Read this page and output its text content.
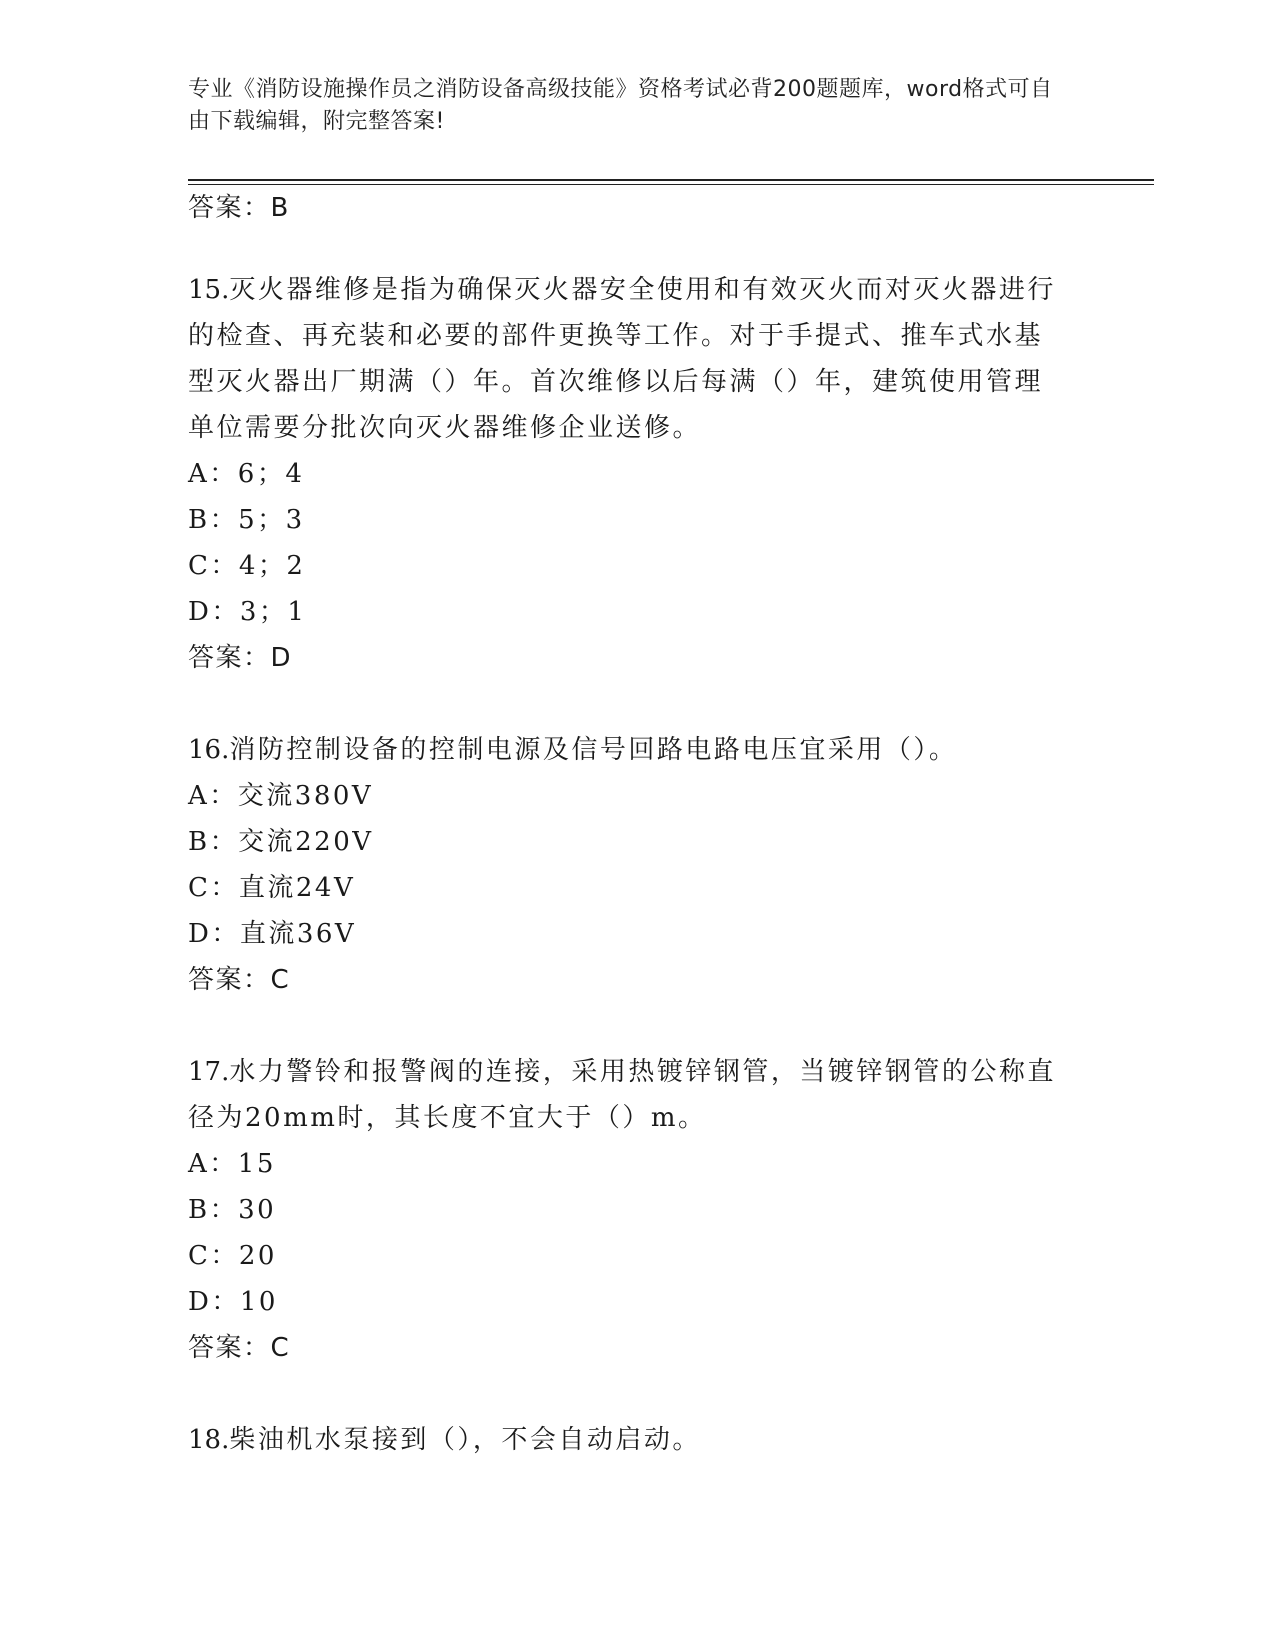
专业《消防设施操作员之消防设备高级技能》资格考试必背200题题库，word格式可自由下载编辑，附完整答案!
答案：B
15.灭火器维修是指为确保灭火器安全使用和有效灭火而对灭火器进行
的检查、再充装和必要的部件更换等工作。对于手提式、推车式水基
型灭火器出厂期满（）年。首次维修以后每满（）年，建筑使用管理
单位需要分批次向灭火器维修企业送修。
A：6；4
B：5；3
C：4；2
D：3；1
答案：D
16.消防控制设备的控制电源及信号回路电路电压宜采用（）。
A：交流380V
B：交流220V
C：直流24V
D：直流36V
答案：C
17.水力警铃和报警阀的连接，采用热镀锌钢管，当镀锌钢管的公称直
径为20mm时，其长度不宜大于（）m。
A：15
B：30
C：20
D：10
答案：C
18.柴油机水泵接到（），不会自动启动。
